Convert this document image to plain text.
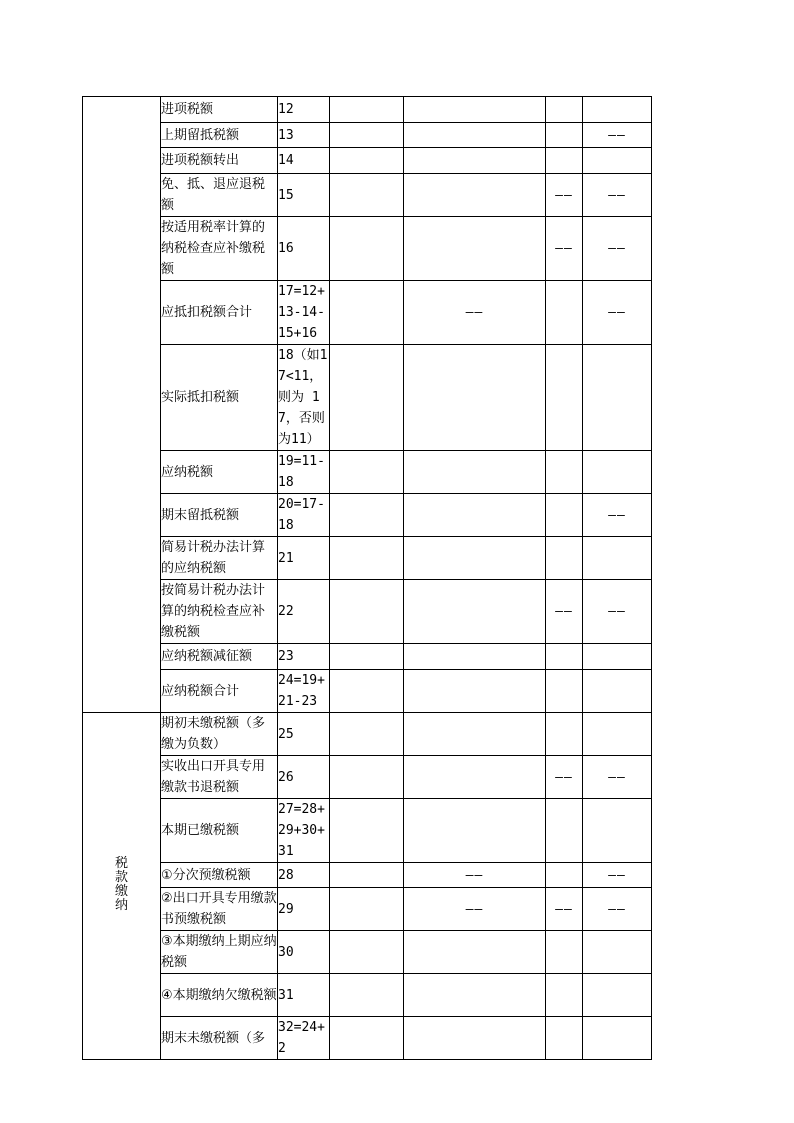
	进项税额	12				
	上期留抵税额	13				——
	进项税额转出	14				
	免、抵、退应退税额	15			——	——
	按适用税率计算的纳税检查应补缴税额	16			——	——
	应抵扣税额合计	17=12+13-14-15+16		——		——
	实际抵扣税额	18（如17<11，则为 17，否则为11）				
	应纳税额	19=11-18				
	期末留抵税额	20=17-18				——
	简易计税办法计算的应纳税额	21				
	按简易计税办法计算的纳税检查应补缴税额	22			——	——
	应纳税额减征额	23				
	应纳税额合计	24=19+21-23				
税款缴纳	期初未缴税额（多缴为负数）	25				
	实收出口开具专用缴款书退税额	26			——	——
	本期已缴税额	27=28+29+30+31				
	①分次预缴税额	28		——		——
	②出口开具专用缴款书预缴税额	29		——	——	——
	③本期缴纳上期应纳税额	30				
	④本期缴纳欠缴税额	31				
	期末未缴税额（多	32=24+2				
